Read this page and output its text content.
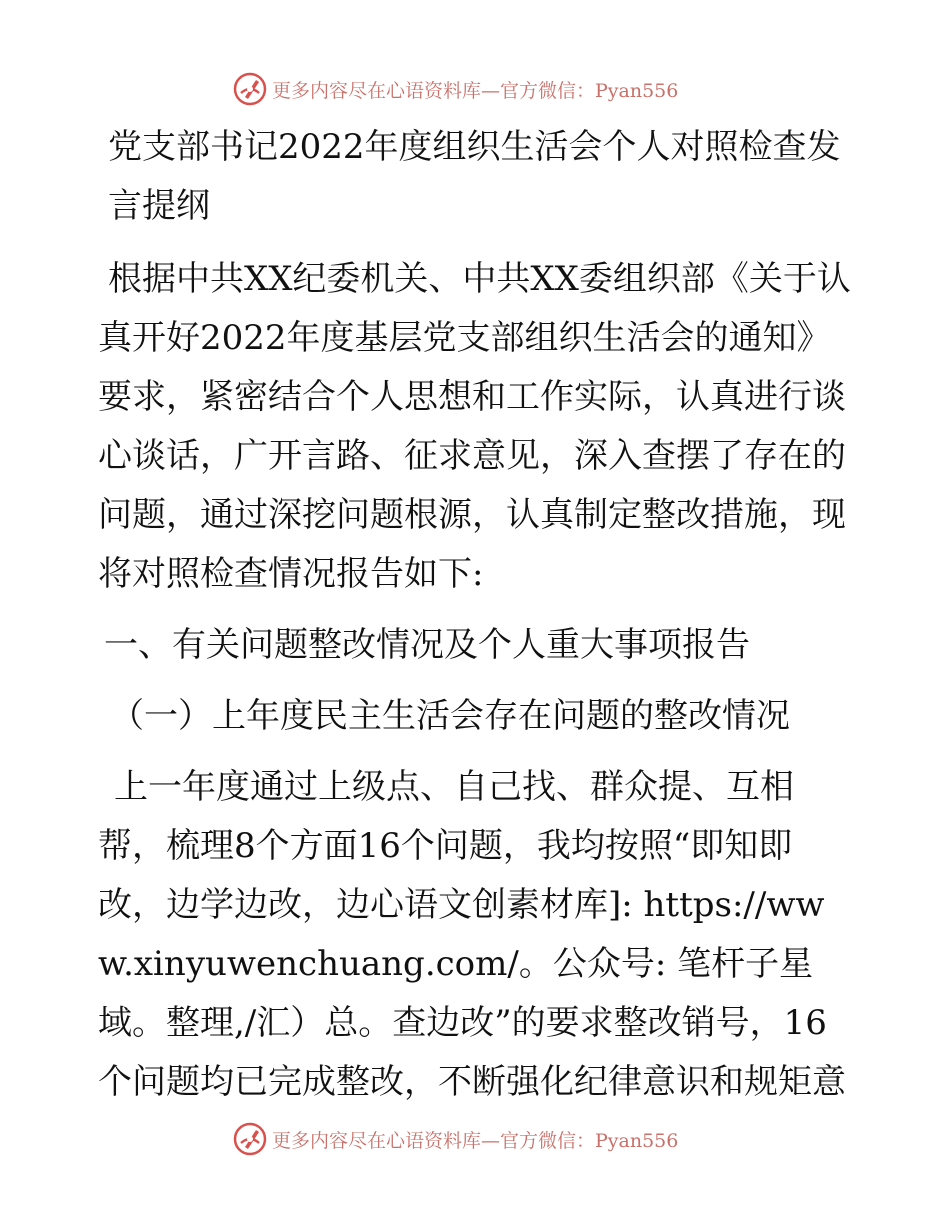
更多内容尽在心语资料库—官方微信：Pyan556

党支部书记2022年度组织生活会个人对照检查发言提纲

根据中共XX纪委机关、中共XX委组织部《关于认真开好2022年度基层党支部组织生活会的通知》要求，紧密结合个人思想和工作实际，认真进行谈心谈话，广开言路、征求意见，深入查摆了存在的问题，通过深挖问题根源，认真制定整改措施，现将对照检查情况报告如下:

一、有关问题整改情况及个人重大事项报告

（一）上年度民主生活会存在问题的整改情况

上一年度通过上级点、自己找、群众提、互相

帮，梳理8个方面16个问题，我均按照“即知即改，边学边改，边心语文创素材库]: https://www.xinyuwenchuang.com/。公众号: 笔杆子星域。整理,/汇）总。查边改”的要求整改销号，16个问题均已完成整改，不断强化纪律意识和规矩意

更多内容尽在心语资料库—官方微信：Pyan556
